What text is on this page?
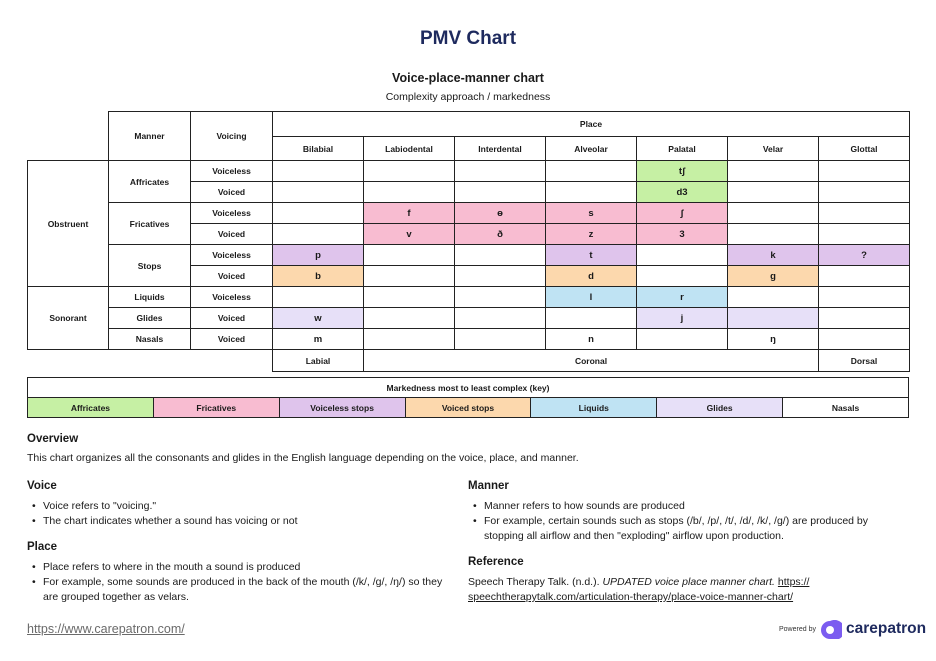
PMV Chart

Voice-place-manner chart

Complexity approach / markedness

	Manner	Voicing	Place						
			Bilabial	Labiodental	Interdental	Alveolar	Palatal	Velar	Glottal
Obstruent	Affricates	Voiceless					tʃ		
		Voiced					d3		
	Fricatives	Voiceless		f	ɵ	s	ʃ		
		Voiced		v	ð	z	3		
	Stops	Voiceless	p			t		k	?
		Voiced	b			d		g	
Sonorant	Liquids	Voiceless				l	r		
	Glides	Voiced	w				j		
	Nasals	Voiced	m			n		ŋ	
			Labial	Coronal					Dorsal
Markedness most to least complex (key)
Affricates	Fricatives	Voiceless stops	Voiced stops	Liquids	Glides	Nasals
Overview

This chart organizes all the consonants and glides in the English language depending on the voice, place, and manner.

Voice
• Voice refers to "voicing."
• The chart indicates whether a sound has voicing or not
Place
• Place refers to where in the mouth a sound is produced
• For example, some sounds are produced in the back of the mouth (/k/, /g/, /ŋ/) so they are grouped together as velars.
Manner
• Manner refers to how sounds are produced
• For example, certain sounds such as stops (/b/, /p/, /t/, /d/, /k/, /g/) are produced by stopping all airflow and then "exploding" airflow upon production.
Reference

Speech Therapy Talk. (n.d.). UPDATED voice place manner chart. https:// speechtherapytalk.com/articulation-therapy/place-voice-manner-chart/

https://www.carepatron.com/	Powered by carepatron
